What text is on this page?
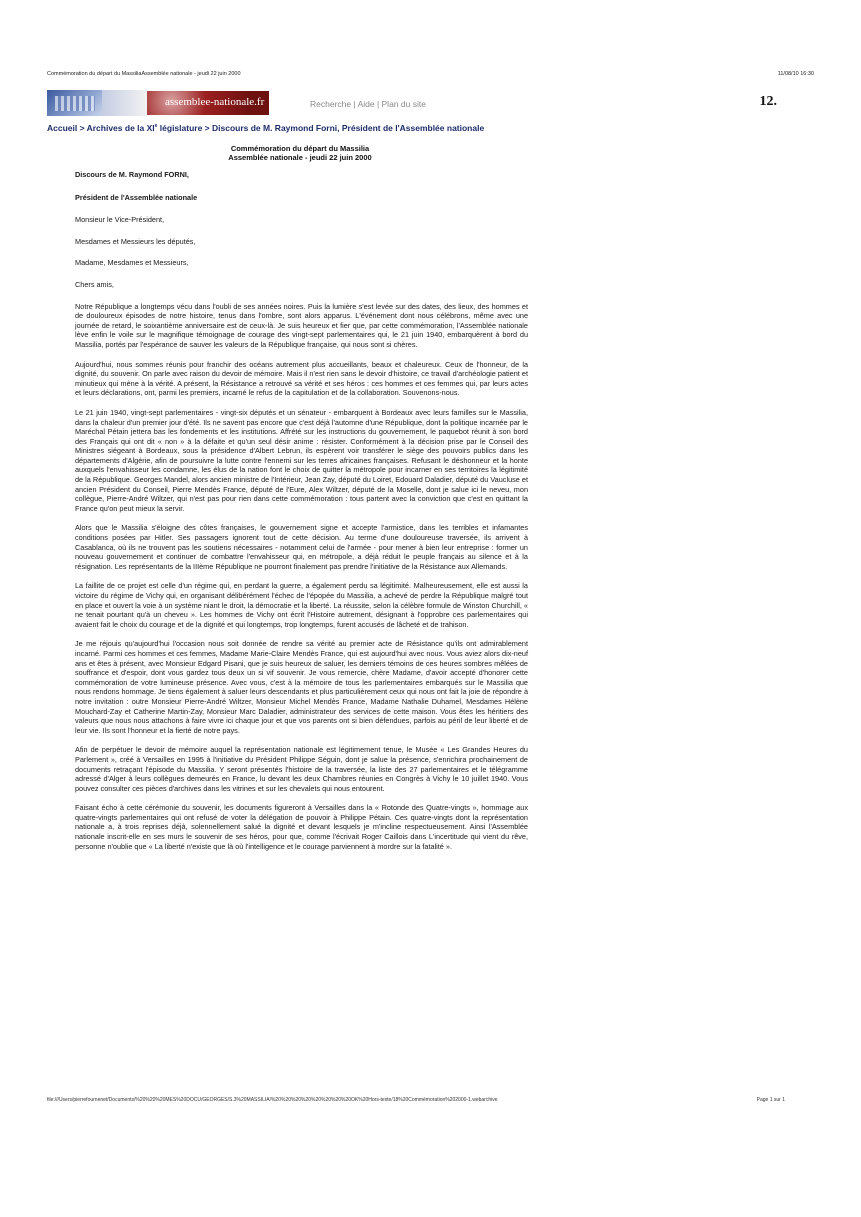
Commémoration du départ du MassiliaAssemblée nationale - jeudi 22 juin 2000	11/08/10 16:30
assemblee-nationale.fr	Recherche | Aide | Plan du site	12.
Accueil > Archives de la XIe législature > Discours de M. Raymond Forni, Président de l'Assemblée nationale
Commémoration du départ du Massilia
Assemblée nationale - jeudi 22 juin 2000

Discours de M. Raymond FORNI,

Président de l'Assemblée nationale

Monsieur le Vice-Président,

Mesdames et Messieurs les députés,

Madame, Mesdames et Messieurs,

Chers amis,

Notre République a longtemps vécu dans l'oubli de ses années noires. Puis la lumière s'est levée sur des dates, des lieux, des hommes et de douloureux épisodes de notre histoire, tenus dans l'ombre, sont alors apparus. L'événement dont nous célébrons, même avec une journée de retard, le soixantième anniversaire est de ceux-là. Je suis heureux et fier que, par cette commémoration, l'Assemblée nationale lève enfin le voile sur le magnifique témoignage de courage des vingt-sept parlementaires qui, le 21 juin 1940, embarquèrent à bord du Massilia, portés par l'espérance de sauver les valeurs de la République française, qui nous sont si chères.

Aujourd'hui, nous sommes réunis pour franchir des océans autrement plus accueillants, beaux et chaleureux. Ceux de l'honneur, de la dignité, du souvenir. On parle avec raison du devoir de mémoire. Mais il n'est rien sans le devoir d'histoire, ce travail d'archéologie patient et minutieux qui mène à la vérité. A présent, la Résistance a retrouvé sa vérité et ses héros : ces hommes et ces femmes qui, par leurs actes et leurs déclarations, ont, parmi les premiers, incarné le refus de la capitulation et de la collaboration. Souvenons-nous.

Le 21 juin 1940, vingt-sept parlementaires - vingt-six députés et un sénateur - embarquent à Bordeaux avec leurs familles sur le Massilia, dans la chaleur d'un premier jour d'été. Ils ne savent pas encore que c'est déjà l'automne d'une République, dont la politique incarnée par le Maréchal Pétain jettera bas les fondements et les institutions. Affrété sur les instructions du gouvernement, le paquebot réunit à son bord des Français qui ont dit « non » à la défaite et qu'un seul désir anime : résister. Conformément à la décision prise par le Conseil des Ministres siégeant à Bordeaux, sous la présidence d'Albert Lebrun, ils espèrent voir transférer le siège des pouvoirs publics dans les départements d'Algérie, afin de poursuivre la lutte contre l'ennemi sur les terres africaines françaises. Refusant le déshonneur et la honte auxquels l'envahisseur les condamne, les élus de la nation font le choix de quitter la métropole pour incarner en ses territoires la légitimité de la République. Georges Mandel, alors ancien ministre de l'Intérieur, Jean Zay, député du Loiret, Edouard Daladier, député du Vaucluse et ancien Président du Conseil, Pierre Mendès France, député de l'Eure, Alex Wiltzer, député de la Moselle, dont je salue ici le neveu, mon collègue, Pierre-André Wiltzer, qui n'est pas pour rien dans cette commémoration : tous partent avec la conviction que c'est en quittant la France qu'on peut mieux la servir.

Alors que le Massilia s'éloigne des côtes françaises, le gouvernement signe et accepte l'armistice, dans les terribles et infamantes conditions posées par Hitler. Ses passagers ignorent tout de cette décision. Au terme d'une douloureuse traversée, ils arrivent à Casablanca, où ils ne trouvent pas les soutiens nécessaires - notamment celui de l'armée - pour mener à bien leur entreprise : former un nouveau gouvernement et continuer de combattre l'envahisseur qui, en métropole, a déjà réduit le peuple français au silence et à la résignation. Les représentants de la IIIème République ne pourront finalement pas prendre l'initiative de la Résistance aux Allemands.

La faillite de ce projet est celle d'un régime qui, en perdant la guerre, a également perdu sa légitimité. Malheureusement, elle est aussi la victoire du régime de Vichy qui, en organisant délibérément l'échec de l'épopée du Massilia, a achevé de perdre la République malgré tout en place et ouvert la voie à un système niant le droit, la démocratie et la liberté. La réussite, selon la célèbre formule de Winston Churchill, « ne tenait pourtant qu'à un cheveu ». Les hommes de Vichy ont écrit l'Histoire autrement, désignant à l'opprobre ces parlementaires qui avaient fait le choix du courage et de la dignité et qui longtemps, trop longtemps, furent accusés de lâcheté et de trahison.

Je me réjouis qu'aujourd'hui l'occasion nous soit donnée de rendre sa vérité au premier acte de Résistance qu'ils ont admirablement incarné. Parmi ces hommes et ces femmes, Madame Marie-Claire Mendès France, qui est aujourd'hui avec nous. Vous aviez alors dix-neuf ans et êtes à présent, avec Monsieur Edgard Pisani, que je suis heureux de saluer, les derniers témoins de ces heures sombres mêlées de souffrance et d'espoir, dont vous gardez tous deux un si vif souvenir. Je vous remercie, chère Madame, d'avoir accepté d'honorer cette commémoration de votre lumineuse présence. Avec vous, c'est à la mémoire de tous les parlementaires embarqués sur le Massilia que nous rendons hommage. Je tiens également à saluer leurs descendants et plus particulièrement ceux qui nous ont fait la joie de répondre à notre invitation : outre Monsieur Pierre-André Wiltzer, Monsieur Michel Mendès France, Madame Nathalie Duhamel, Mesdames Hélène Mouchard-Zay et Catherine Martin-Zay, Monsieur Marc Daladier, administrateur des services de cette maison. Vous êtes les héritiers des valeurs que nous nous attachons à faire vivre ici chaque jour et que vos parents ont si bien défendues, parfois au péril de leur liberté et de leur vie. Ils sont l'honneur et la fierté de notre pays.

Afin de perpétuer le devoir de mémoire auquel la représentation nationale est légitimement tenue, le Musée « Les Grandes Heures du Parlement », créé à Versailles en 1995 à l'initiative du Président Philippe Séguin, dont je salue la présence, s'enrichira prochainement de documents retraçant l'épisode du Massilia. Y seront présentés l'histoire de la traversée, la liste des 27 parlementaires et le télégramme adressé d'Alger à leurs collègues demeurés en France, lu devant les deux Chambres réunies en Congrès à Vichy le 10 juillet 1940. Vous pouvez consulter ces pièces d'archives dans les vitrines et sur les chevalets qui nous entourent.

Faisant écho à cette cérémonie du souvenir, les documents figureront à Versailles dans la « Rotonde des Quatre-vingts », hommage aux quatre-vingts parlementaires qui ont refusé de voter la délégation de pouvoir à Philippe Pétain. Ces quatre-vingts dont la représentation nationale a, à trois reprises déjà, solennellement salué la dignité et devant lesquels je m'incline respectueusement. Ainsi l'Assemblée nationale inscrit-elle en ses murs le souvenir de ses héros, pour que, comme l'écrivait Roger Caillois dans L'incertitude qui vient du rêve, personne n'oublie que « La liberté n'existe que là où l'intelligence et le courage parviennent à mordre sur la fatalité ».

file:///Users/pierrefournenet/Documents/%20%20%20MES%20DOCU/GEORGES/S.3%20MASSILIA/%20%20%20%20%20%20%20%20OK%20Hors-texte/18%20Commémoration%202000-1.webarchive	Page 1 sur 1
